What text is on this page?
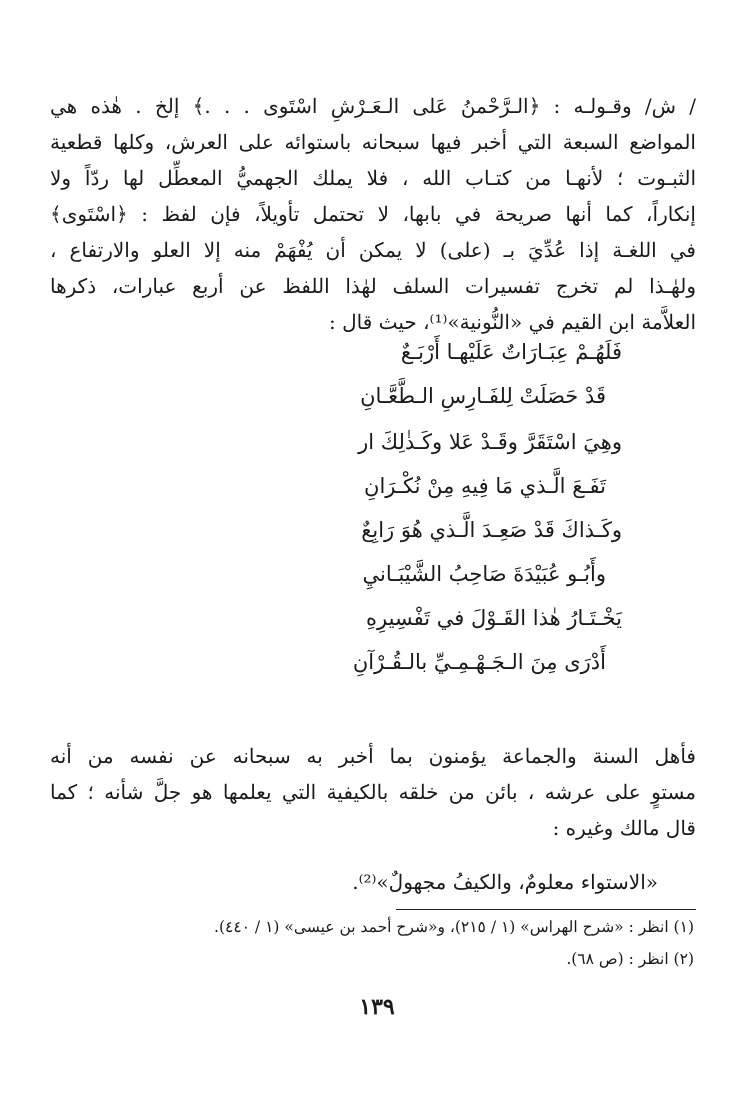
/ ش/ وقـولـه : ﴿الـرَّحْمنُ عَلى الـعَـرْشِ اسْتَوى . . .﴾ إلخ . هٰذه هي
المواضع السبعة التي أخبر فيها سبحانه باستوائه على العرش، وكلها قطعية
الثبـوت ؛ لأنهـا من كتـاب الله ، فلا يملك الجهميُّ المعطِّل لها ردّاً ولا
إنكاراً، كما أنها صريحة في بابها، لا تحتمل تأويلاً، فإن لفظ : ﴿اسْتَوى﴾
في اللغـة إذا عُدِّيَ بـ (على) لا يمكن أن يُفْهَمْ منه إلا العلو والارتفاع ،
ولهٰـذا لم تخرج تفسيرات السلف لهٰذا اللفظ عن أربع عبارات، ذكرها
العلاَّمة ابن القيم في «النُّونية»⁽¹⁾، حيث قال :
فَلَهُـمْ عِبَـارَاتٌ عَلَيْهـا أَرْبَـعٌ
قَدْ حَصَلَتْ لِلفَـارِسِ الـطَّعَّـانِ
وهِيَ اسْتَقَرَّ وقَـدْ عَلا وكَـذٰلِكَ ار
تَفَـعَ الَّـذي مَا فِيهِ مِنْ نُكْـرَانِ
وكَـذاكَ قَدْ صَعِـدَ الَّـذي هُوَ رَابِعٌ
وأَبُـو عُبَيْدَةَ صَاحِبُ الشَّيْبَـانيِ
يَخْـتَـارُ هٰذا القَـوْلَ في تَفْسِيرِهِ
أَدْرَى مِنَ الـجَـهْـمِـيِّ بالـقُـرْآنِ
فأهل السنة والجماعة يؤمنون بما أخبر به سبحانه عن نفسه من أنه
مستوٍ على عرشه ، بائن من خلقه بالكيفية التي يعلمها هو جلَّ شأنه ؛ كما
قال مالك وغيره :
«الاستواء معلومٌ، والكيفُ مجهولٌ»⁽²⁾.
(١) انظر : «شرح الهراس» (١ / ٢١٥)، و«شرح أحمد بن عيسى» (١ / ٤٤٠).
(٢) انظر : (ص ٦٨).
١٣٩
